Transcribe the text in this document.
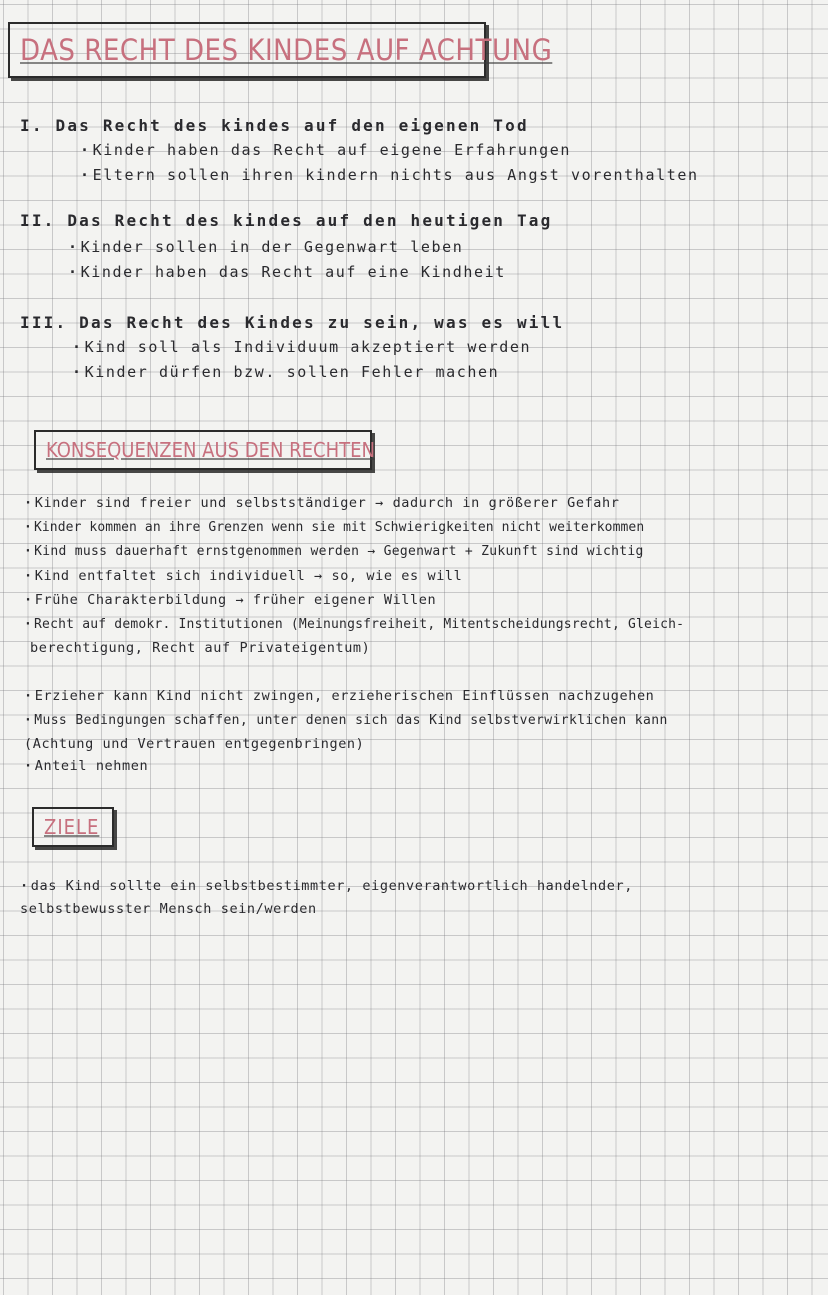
DAS RECHT DES KINDES AUF ACHTUNG
I. Das Recht des kindes auf den eigenen Tod
· Kinder haben das Recht auf eigene Erfahrungen
· Eltern sollen ihren kindern nichts aus Angst vorenthalten
II. Das Recht des kindes auf den heutigen Tag
· Kinder sollen in der Gegenwart leben
· Kinder haben das Recht auf eine Kindheit
III. Das Recht des Kindes zu sein, was es will
· Kind soll als Individuum akzeptiert werden
· Kinder dürfen bzw. sollen Fehler machen
KONSEQUENZEN AUS DEN RECHTEN
· Kinder sind freier und selbstständiger → dadurch in größerer Gefahr
· Kinder kommen an ihre Grenzen wenn sie mit Schwierigkeiten nicht weiterkommen
· Kind muss dauerhaft ernstgenommen werden → Gegenwart + Zukunft sind wichtig
· Kind entfaltet sich individuell → so, wie es will
· Frühe Charakterbildung → früher eigener Willen
· Recht auf demokr. Institutionen (Meinungsfreiheit, Mitentscheidungsrecht, Gleich-
berechtigung, Recht auf Privateigentum)
· Erzieher kann Kind nicht zwingen, erzieherischen Einflüssen nachzugehen
· Muss Bedingungen schaffen, unter denen sich das Kind selbstverwirklichen kann
(Achtung und Vertrauen entgegenbringen)
· Anteil nehmen
ZIELE
· das Kind sollte ein selbstbestimmter, eigenverantwortlich handelnder,
selbstbewusster Mensch sein/werden
